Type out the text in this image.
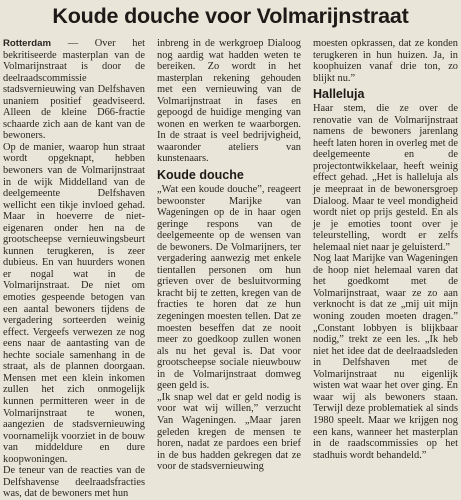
Koude douche voor Volmarijnstraat

Rotterdam — Over het bekritiseerde masterplan van de Volmarijnstraat is door de deelraadscommissie stadsvernieuwing van Delfshaven unaniem positief geadviseerd. Alleen de kleine D66-fractie schaarde zich aan de kant van de bewoners.

Op de manier, waarop hun straat wordt opgeknapt, hebben bewoners van de Volmarijnstraat in de wijk Middelland van de deelgemeente Delfshaven wellicht een tikje invloed gehad. Maar in hoeverre de niet-eigenaren onder hen na de grootscheepse vernieuwingsbeurt kunnen terugkeren, is zeer dubieus. En van huurders wonen er nogal wat in de Volmarijnstraat. De niet om emoties gespeende betogen van een aantal bewoners tijdens de vergadering sorteerden weinig effect. Vergeefs verwezen ze nog eens naar de aantasting van de hechte sociale samenhang in de straat, als de plannen doorgaan. Mensen met een klein inkomen zullen het zich onmogelijk kunnen permitteren weer in de Volmarijnstraat te wonen, aangezien de stadsvernieuwing voornamelijk voorziet in de bouw van middeldure en dure koopwoningen.

De teneur van de reacties van de Delfshavense deelraadsfracties was, dat de bewoners met hun

inbreng in de werkgroep Dialoog nog aardig wat hadden weten te bereiken. Zo wordt in het masterplan rekening gehouden met een vernieuwing van de Volmarijnstraat in fases en gepoogd de huidige menging van wonen en werken te waarborgen. In de straat is veel bedrijvigheid, waaronder ateliers van kunstenaars.

Koude douche

„Wat een koude douche”, reageert bewoonster Marijke van Wageningen op de in haar ogen geringe respons van de deelgemeente op de wensen van de bewoners. De Volmarijners, ter vergadering aanwezig met enkele tientallen personen om hun grieven over de besluitvorming kracht bij te zetten, kregen van de fracties te horen dat ze hun zegeningen moesten tellen. Dat ze moesten beseffen dat ze nooit meer zo goedkoop zullen wonen als nu het geval is. Dat voor grootscheepse sociale nieuwbouw in de Volmarijnstraat domweg geen geld is.

„Ik snap wel dat er geld nodig is voor wat wij willen,” verzucht Van Wageningen. „Maar jaren geleden kregen de mensen te horen, nadat ze pardoes een brief in de bus hadden gekregen dat ze voor de stadsvernieuwing

moesten opkrassen, dat ze konden terugkeren in hun huizen. Ja, in koophuizen vanaf drie ton, zo blijkt nu.”

Halleluja

Haar stem, die ze over de renovatie van de Volmarijnstraat namens de bewoners jarenlang heeft laten horen in overleg met de deelgemeente en de projectontwikkelaar, heeft weinig effect gehad. „Het is halleluja als je meepraat in de bewonersgroep Dialoog. Maar te veel mondigheid wordt niet op prijs gesteld. En als je je emoties toont over je teleurstelling, wordt er zelfs helemaal niet naar je geluisterd.”

Nog laat Marijke van Wageningen de hoop niet helemaal varen dat het goedkomt met de Volmarijnstraat, waar ze zo aan verknocht is dat ze „mij uit mijn woning zouden moeten dragen.” „Constant lobbyen is blijkbaar nodig,” trekt ze een les. „Ik heb niet het idee dat de deelraadsleden in Delfshaven met de Volmarijnstraat nu eigenlijk wisten wat waar het over ging. En waar wij als bewoners staan. Terwijl deze problematiek al sinds 1980 speelt. Maar we krijgen nog een kans, wanneer het masterplan in de raadscommissies op het stadhuis wordt behandeld.”
